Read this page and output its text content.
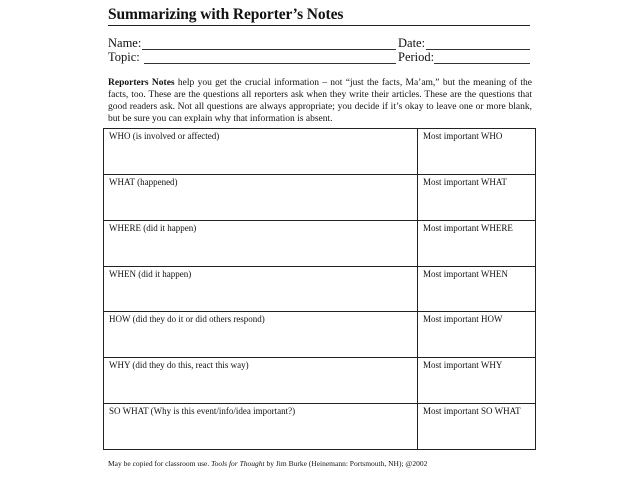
Summarizing with Reporter’s Notes
Name:
Topic:
Date:
Period:
Reporters Notes help you get the crucial information – not “just the facts, Ma’am,” but the meaning of the facts, too. These are the questions all reporters ask when they write their articles. These are the questions that good readers ask. Not all questions are always appropriate; you decide if it’s okay to leave one or more blank, but be sure you can explain why that information is absent.
WHO (is involved or affected)	Most important WHO
WHAT (happened)	Most important WHAT
WHERE (did it happen)	Most important WHERE
WHEN (did it happen)	Most important WHEN
HOW (did they do it or did others respond)	Most important HOW
WHY (did they do this, react this way)	Most important WHY
SO WHAT (Why is this event/info/idea important?)	Most important SO WHAT
May be copied for classroom use. Tools for Thought by Jim Burke (Heinemann: Portsmouth, NH); @2002
